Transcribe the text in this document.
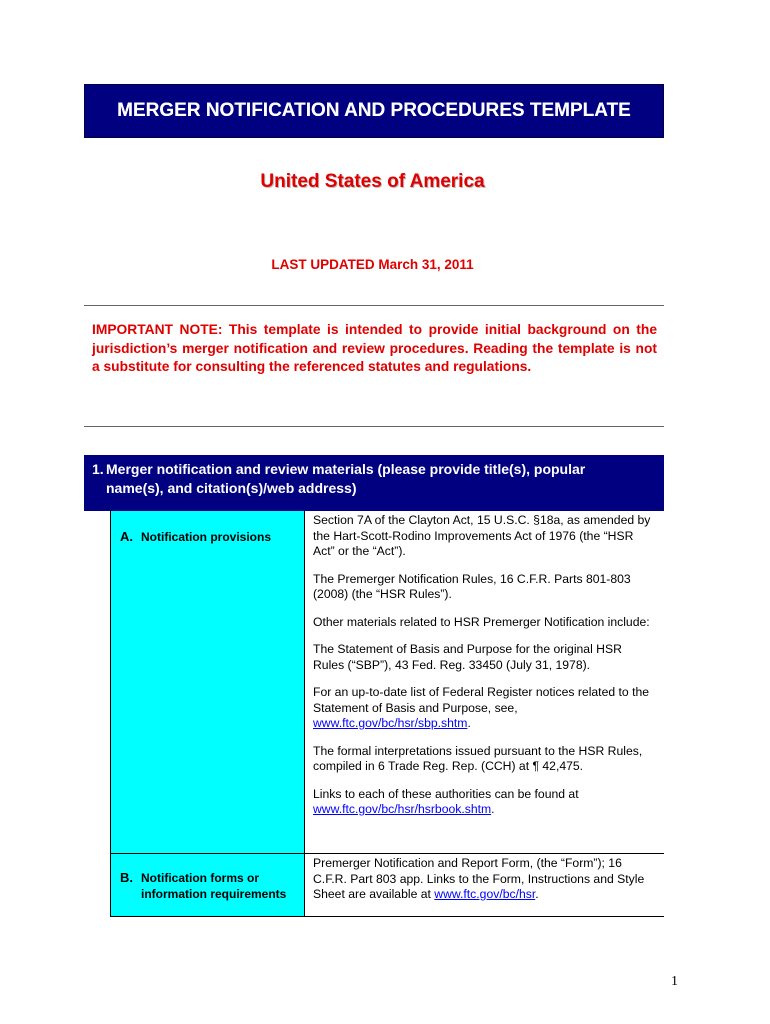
MERGER NOTIFICATION AND PROCEDURES TEMPLATE
United States of America
LAST UPDATED March 31, 2011
IMPORTANT NOTE: This template is intended to provide initial background on the jurisdiction’s merger notification and review procedures. Reading the template is not a substitute for consulting the referenced statutes and regulations.
1. Merger notification and review materials (please provide title(s), popular name(s), and citation(s)/web address)
A. Notification provisions

Section 7A of the Clayton Act, 15 U.S.C. §18a, as amended by the Hart-Scott-Rodino Improvements Act of 1976 (the “HSR Act” or the “Act”).

The Premerger Notification Rules, 16 C.F.R. Parts 801-803 (2008) (the “HSR Rules”).

Other materials related to HSR Premerger Notification include:

The Statement of Basis and Purpose for the original HSR Rules (“SBP”), 43 Fed. Reg. 33450 (July 31, 1978).

For an up-to-date list of Federal Register notices related to the Statement of Basis and Purpose, see, www.ftc.gov/bc/hsr/sbp.shtm.

The formal interpretations issued pursuant to the HSR Rules, compiled in 6 Trade Reg. Rep. (CCH) at ¶ 42,475.

Links to each of these authorities can be found at www.ftc.gov/bc/hsr/hsrbook.shtm.

B. Notification forms or information requirements

Premerger Notification and Report Form, (the “Form”); 16 C.F.R. Part 803 app. Links to the Form, Instructions and Style Sheet are available at www.ftc.gov/bc/hsr.

1
